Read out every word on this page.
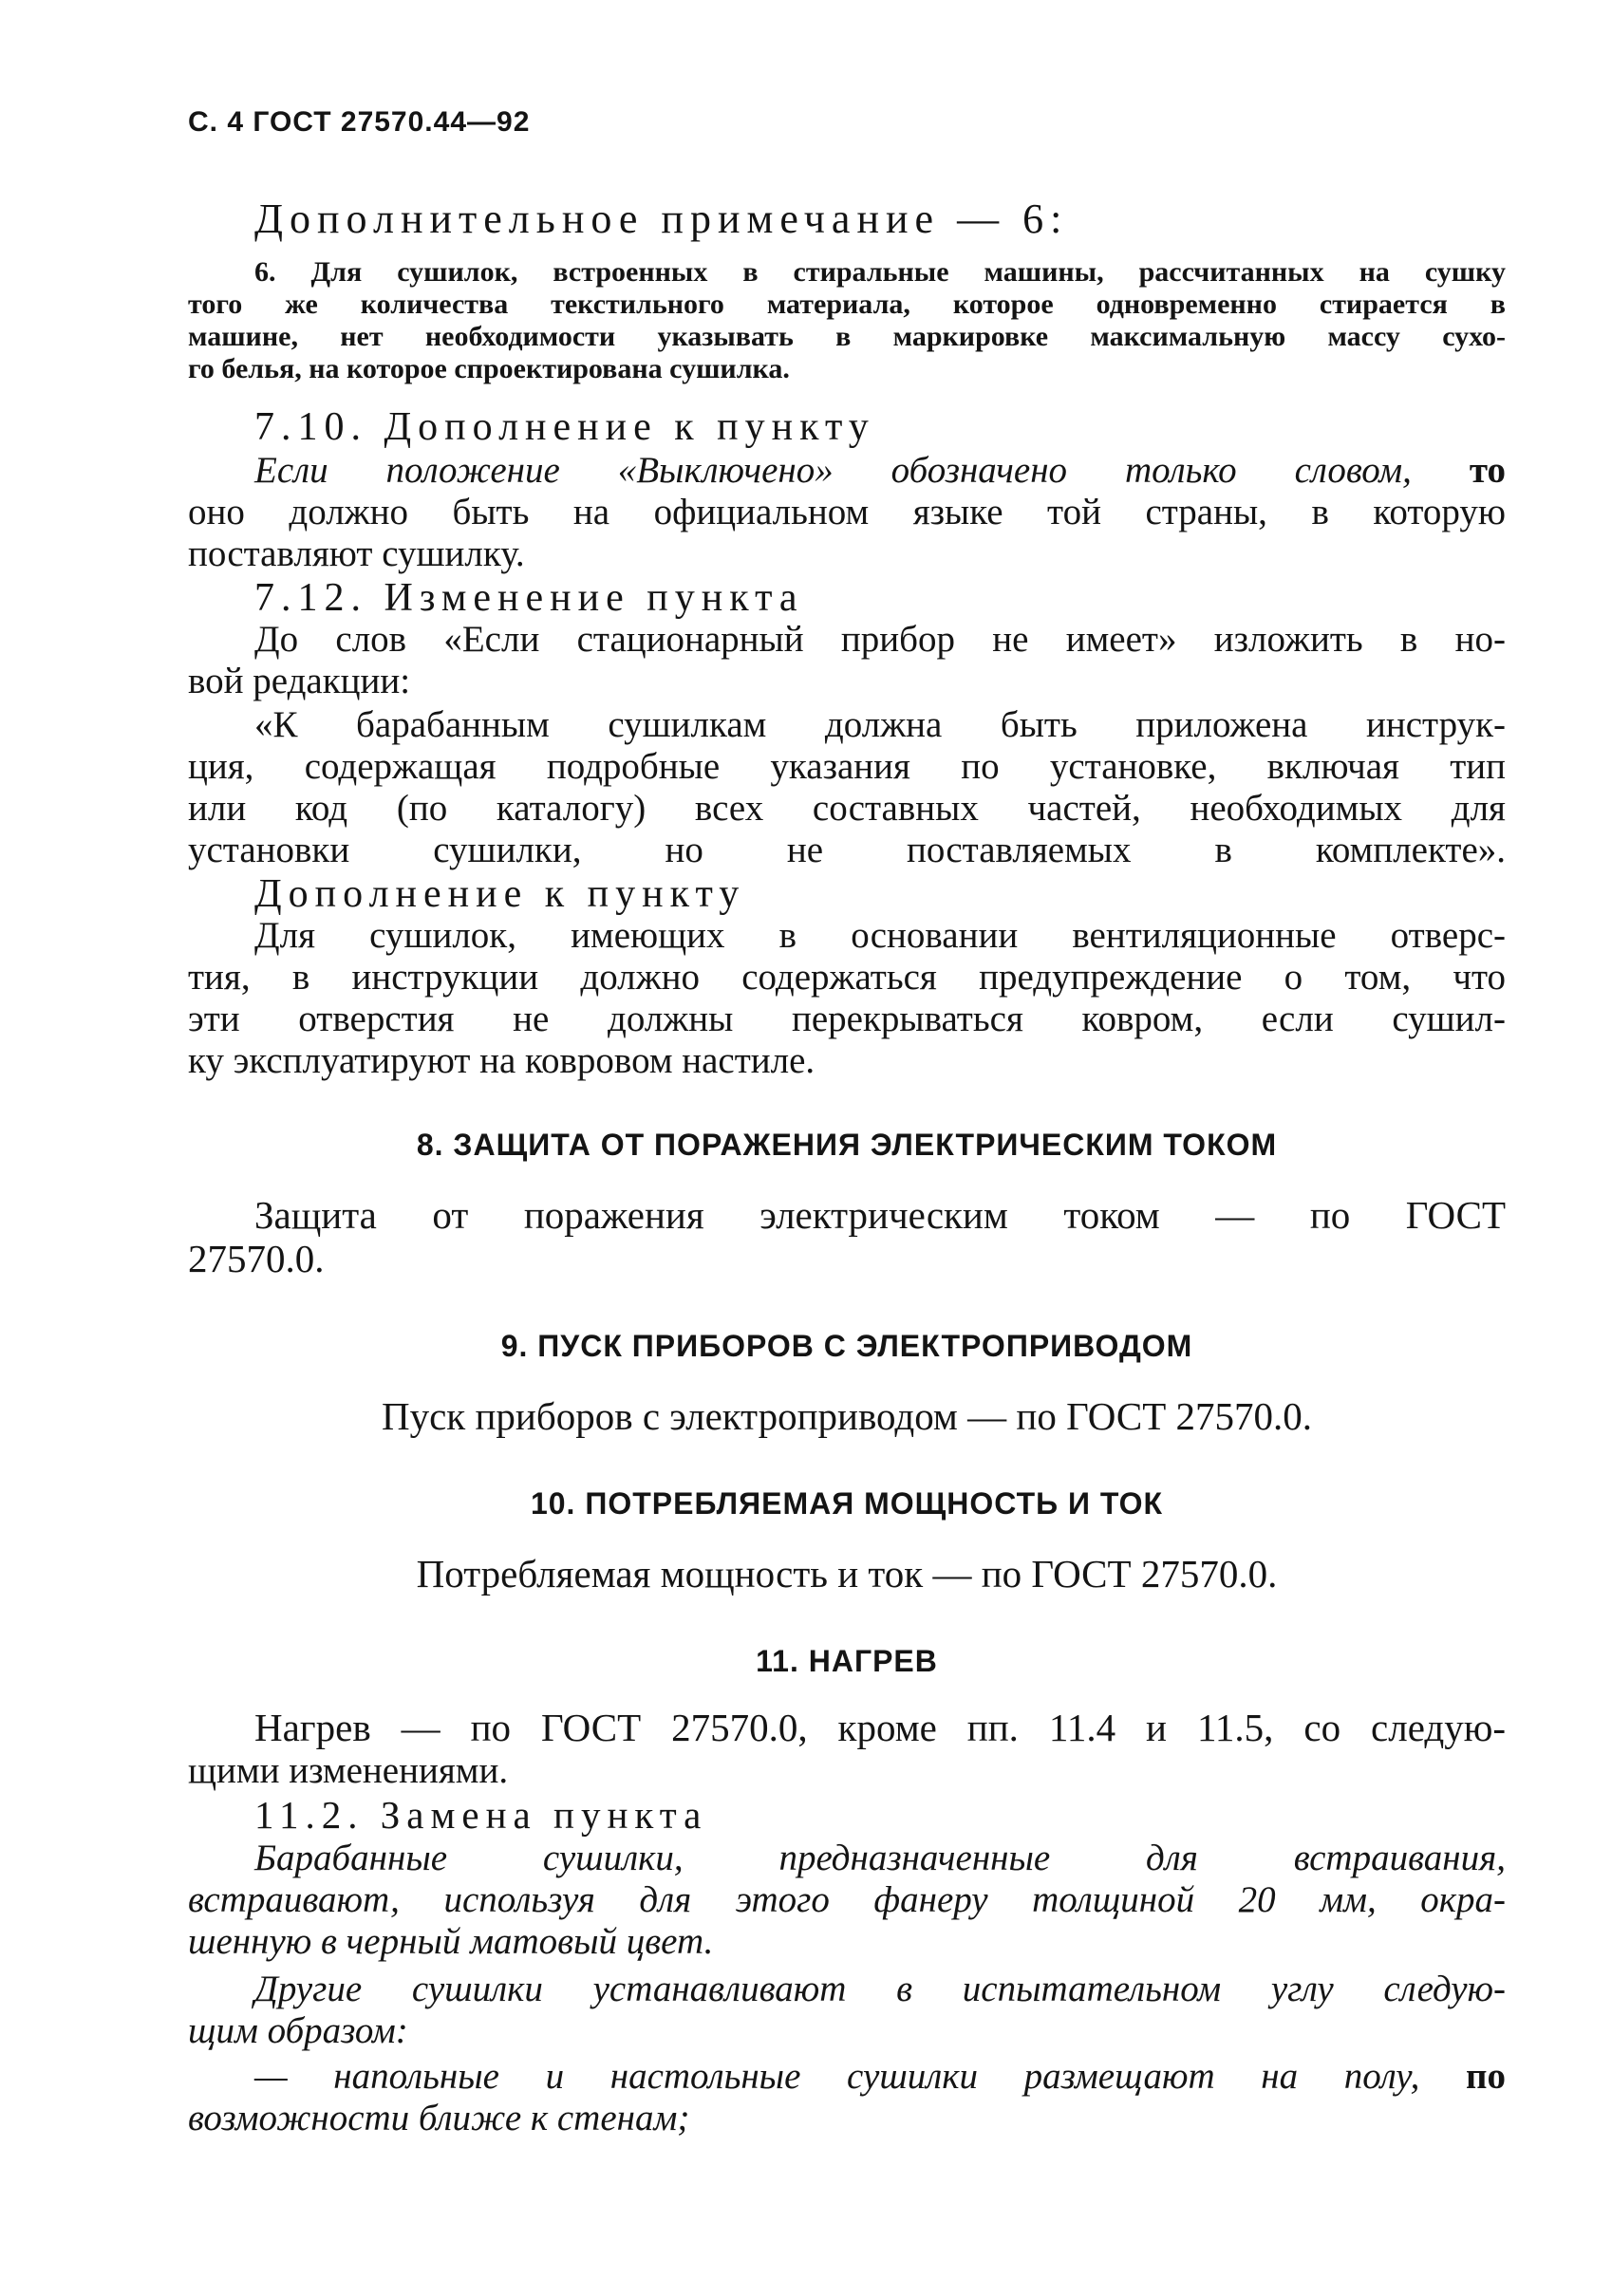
С. 4 ГОСТ 27570.44—92
Дополнительное примечание — 6:
6. Для сушилок, встроенных в стиральные машины, рассчитанных на сушку
того же количества текстильного материала, которое одновременно стирается в
машине, нет необходимости указывать в маркировке максимальную массу сухо-
го белья, на которое спроектирована сушилка.
7.10. Дополнение к пункту
Если положение «Выключено» обозначено только словом, то
оно должно быть на официальном языке той страны, в которую
поставляют сушилку.
7.12. Изменение пункта
До слов «Если стационарный прибор не имеет» изложить в но-
вой редакции:
«К барабанным сушилкам должна быть приложена инструк-
ция, содержащая подробные указания по установке, включая тип
или код (по каталогу) всех составных частей, необходимых для
установки сушилки, но не поставляемых в комплекте».
Дополнение к пункту
Для сушилок, имеющих в основании вентиляционные отверс-
тия, в инструкции должно содержаться предупреждение о том, что
эти отверстия не должны перекрываться ковром, если сушил-
ку эксплуатируют на ковровом настиле.
8. ЗАЩИТА ОТ ПОРАЖЕНИЯ ЭЛЕКТРИЧЕСКИМ ТОКОМ
Защита от поражения электрическим током — по ГОСТ
27570.0.
9. ПУСК ПРИБОРОВ С ЭЛЕКТРОПРИВОДОМ
Пуск приборов с электроприводом — по ГОСТ 27570.0.
10. ПОТРЕБЛЯЕМАЯ МОЩНОСТЬ И ТОК
Потребляемая мощность и ток — по ГОСТ 27570.0.
11. НАГРЕВ
Нагрев — по ГОСТ 27570.0, кроме пп. 11.4 и 11.5, со следую-
щими изменениями.
11.2. Замена пункта
Барабанные сушилки, предназначенные для встраивания,
встраивают, используя для этого фанеру толщиной 20 мм, окра-
шенную в черный матовый цвет.
Другие сушилки устанавливают в испытательном углу следую-
щим образом:
— напольные и настольные сушилки размещают на полу, по
возможности ближе к стенам;
